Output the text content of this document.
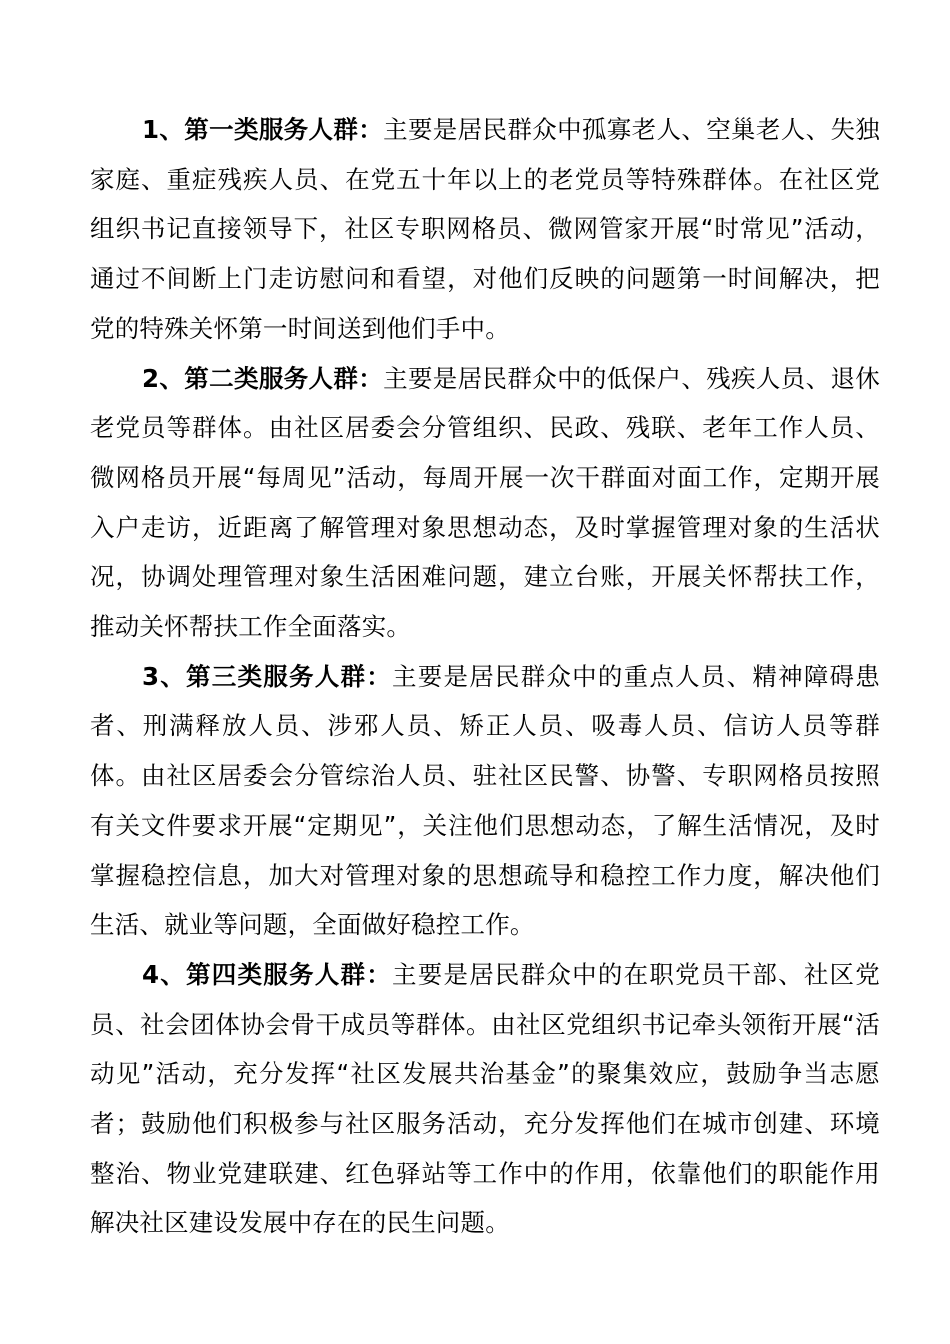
1、第一类服务人群：主要是居民群众中孤寡老人、空巢老人、失独家庭、重症残疾人员、在党五十年以上的老党员等特殊群体。在社区党组织书记直接领导下，社区专职网格员、微网管家开展“时常见”活动，通过不间断上门走访慰问和看望，对他们反映的问题第一时间解决，把党的特殊关怀第一时间送到他们手中。

2、第二类服务人群：主要是居民群众中的低保户、残疾人员、退休老党员等群体。由社区居委会分管组织、民政、残联、老年工作人员、微网格员开展“每周见”活动，每周开展一次干群面对面工作，定期开展入户走访，近距离了解管理对象思想动态，及时掌握管理对象的生活状况，协调处理管理对象生活困难问题，建立台账，开展关怀帮扶工作，推动关怀帮扶工作全面落实。

3、第三类服务人群：主要是居民群众中的重点人员、精神障碍患者、刑满释放人员、涉邪人员、矫正人员、吸毒人员、信访人员等群体。由社区居委会分管综治人员、驻社区民警、协警、专职网格员按照有关文件要求开展“定期见”，关注他们思想动态，了解生活情况，及时掌握稳控信息，加大对管理对象的思想疏导和稳控工作力度，解决他们生活、就业等问题，全面做好稳控工作。

4、第四类服务人群：主要是居民群众中的在职党员干部、社区党员、社会团体协会骨干成员等群体。由社区党组织书记牵头领衔开展“活动见”活动，充分发挥“社区发展共治基金”的聚集效应，鼓励争当志愿者；鼓励他们积极参与社区服务活动，充分发挥他们在城市创建、环境整治、物业党建联建、红色驿站等工作中的作用，依靠他们的职能作用解决社区建设发展中存在的民生问题。
